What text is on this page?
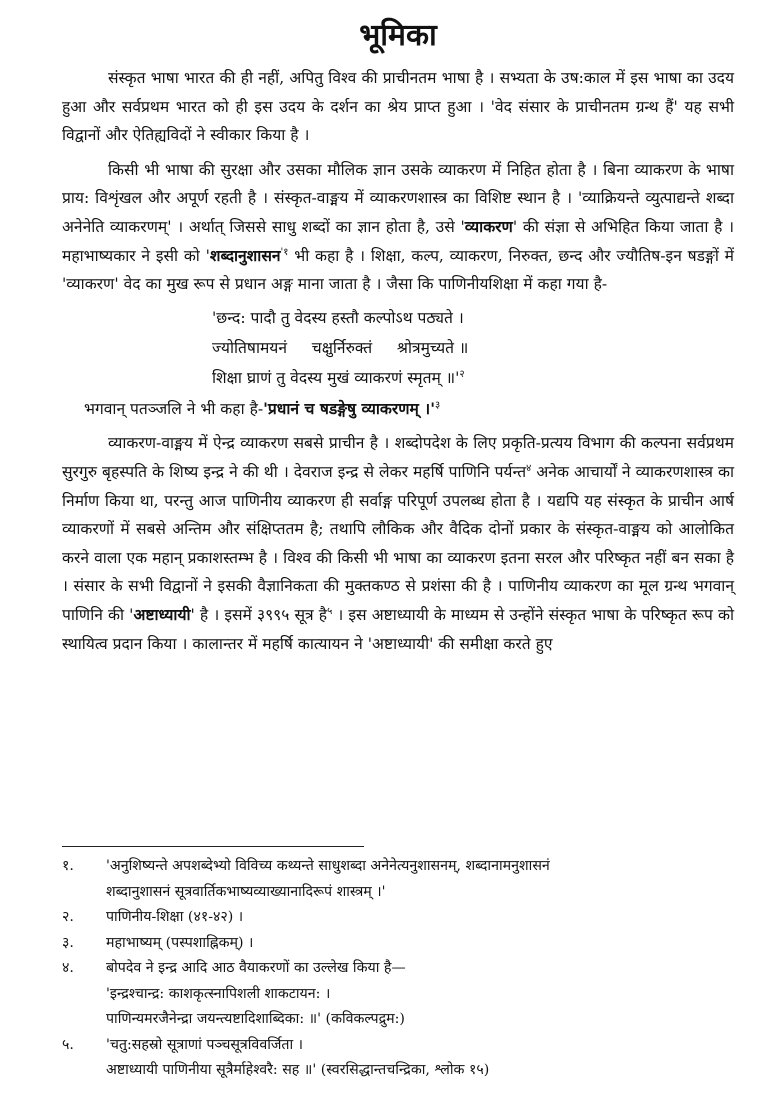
भूमिका

संस्कृत भाषा भारत की ही नहीं, अपितु विश्व की प्राचीनतम भाषा है । सभ्यता के उष:काल में इस भाषा का उदय हुआ और सर्वप्रथम भारत को ही इस उदय के दर्शन का श्रेय प्राप्त हुआ । 'वेद संसार के प्राचीनतम ग्रन्थ हैं' यह सभी विद्वानों और ऐतिह्यविदों ने स्वीकार किया है ।

किसी भी भाषा की सुरक्षा और उसका मौलिक ज्ञान उसके व्याकरण में निहित होता है । बिना व्याकरण के भाषा प्राय: विशृंखल और अपूर्ण रहती है । संस्कृत-वाङ्मय में व्याकरणशास्त्र का विशिष्ट स्थान है । 'व्याक्रियन्ते व्युत्पाद्यन्ते शब्दा अनेनेति व्याकरणम्' । अर्थात् जिससे साधु शब्दों का ज्ञान होता है, उसे 'व्याकरण' की संज्ञा से अभिहित किया जाता है । महाभाष्यकार ने इसी को 'शब्दानुशासन$^{'१}$ भी कहा है । शिक्षा, कल्प, व्याकरण, निरुक्त, छन्द और ज्यौतिष-इन षडङ्गों में 'व्याकरण' वेद का मुख रूप से प्रधान अङ्ग माना जाता है । जैसा कि पाणिनीयशिक्षा में कहा गया है-

'छन्द: पादौ तु वेदस्य हस्तौ कल्पोऽथ पठ्यते ।
ज्योतिषामयनं     चक्षुर्निरुक्तं     श्रोत्रमुच्यते ॥
शिक्षा घ्राणं तु वेदस्य मुखं व्याकरणं स्मृतम् $॥'^२$

भगवान् पतञ्जलि ने भी कहा है-'प्रधानं च षडङ्गेषु व्याकरणम् $।'^३$

व्याकरण-वाङ्मय में ऐन्द्र व्याकरण सबसे प्राचीन है । शब्दोपदेश के लिए प्रकृति-प्रत्यय विभाग की कल्पना सर्वप्रथम सुरगुरु बृहस्पति के शिष्य इन्द्र ने की थी । देवराज इन्द्र से लेकर महर्षि पाणिनि पर्यन्त$^४$ अनेक आचार्यों ने व्याकरणशास्त्र का निर्माण किया था, परन्तु आज पाणिनीय व्याकरण ही सर्वाङ्ग परिपूर्ण उपलब्ध होता है । यद्यपि यह संस्कृत के प्राचीन आर्ष व्याकरणों में सबसे अन्तिम और संक्षिप्ततम है; तथापि लौकिक और वैदिक दोनों प्रकार के संस्कृत-वाङ्मय को आलोकित करने वाला एक महान् प्रकाशस्तम्भ है । विश्व की किसी भी भाषा का व्याकरण इतना सरल और परिष्कृत नहीं बन सका है । संसार के सभी विद्वानों ने इसकी वैज्ञानिकता की मुक्तकण्ठ से प्रशंसा की है । पाणिनीय व्याकरण का मूल ग्रन्थ भगवान् पाणिनि की 'अष्टाध्यायी' है । इसमें ३९९५ सूत्र है$^५$ । इस अष्टाध्यायी के माध्यम से उन्होंने संस्कृत भाषा के परिष्कृत रूप को स्थायित्व प्रदान किया । कालान्तर में महर्षि कात्यायन ने 'अष्टाध्यायी' की समीक्षा करते हुए

१.	'अनुशिष्यन्ते अपशब्देभ्यो विविच्य कथ्यन्ते साधुशब्दा अनेनेत्यनुशासनम्, शब्दानामनुशासनं
शब्दानुशासनं सूत्रवार्तिकभाष्यव्याख्यानादिरूपं शास्त्रम् ।'
२.	पाणिनीय-शिक्षा (४१-४२) ।
३.	महाभाष्यम् (पस्पशाह्निकम्) ।
४.	बोपदेव ने इन्द्र आदि आठ वैयाकरणों का उल्लेख किया है—
'इन्द्रश्चान्द्र: काशकृत्स्नापिशली शाकटायन: ।
पाणिन्यमरजैनेन्द्रा जयन्त्यष्टादिशाब्दिका: ॥' (कविकल्पद्रुम:)
५.	'चतु:सहस्रो सूत्राणां पञ्चसूत्रविवर्जिता ।
अष्टाध्यायी पाणिनीया सूत्रैर्माहेश्वरै: सह ॥' (स्वरसिद्धान्तचन्द्रिका, श्लोक १५)
